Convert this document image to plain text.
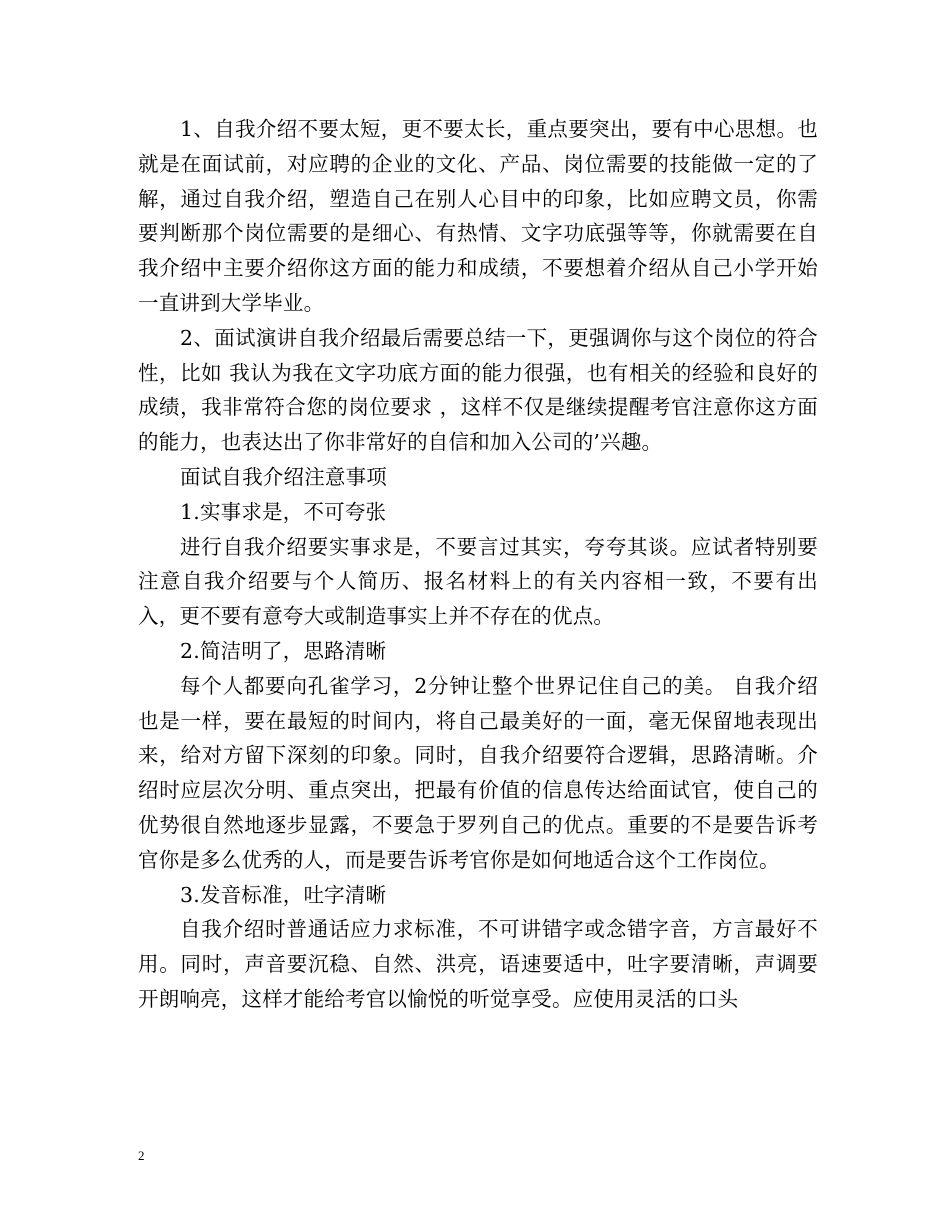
1、自我介绍不要太短，更不要太长，重点要突出，要有中心思想。也就是在面试前，对应聘的企业的文化、产品、岗位需要的技能做一定的了解，通过自我介绍，塑造自己在别人心目中的印象，比如应聘文员，你需要判断那个岗位需要的是细心、有热情、文字功底强等等，你就需要在自我介绍中主要介绍你这方面的能力和成绩，不要想着介绍从自己小学开始一直讲到大学毕业。

2、面试演讲自我介绍最后需要总结一下，更强调你与这个岗位的符合性，比如 我认为我在文字功底方面的能力很强，也有相关的经验和良好的成绩，我非常符合您的岗位要求 ，这样不仅是继续提醒考官注意你这方面的能力，也表达出了你非常好的自信和加入公司的’兴趣。

面试自我介绍注意事项

1.实事求是，不可夸张

进行自我介绍要实事求是，不要言过其实，夸夸其谈。应试者特别要注意自我介绍要与个人简历、报名材料上的有关内容相一致，不要有出入，更不要有意夸大或制造事实上并不存在的优点。

2.简洁明了，思路清晰

每个人都要向孔雀学习，2分钟让整个世界记住自己的美。 自我介绍也是一样，要在最短的时间内，将自己最美好的一面，毫无保留地表现出来，给对方留下深刻的印象。同时，自我介绍要符合逻辑，思路清晰。介绍时应层次分明、重点突出，把最有价值的信息传达给面试官，使自己的优势很自然地逐步显露，不要急于罗列自己的优点。重要的不是要告诉考官你是多么优秀的人，而是要告诉考官你是如何地适合这个工作岗位。

3.发音标准，吐字清晰

自我介绍时普通话应力求标准，不可讲错字或念错字音，方言最好不用。同时，声音要沉稳、自然、洪亮，语速要适中，吐字要清晰，声调要开朗响亮，这样才能给考官以愉悦的听觉享受。应使用灵活的口头

2
